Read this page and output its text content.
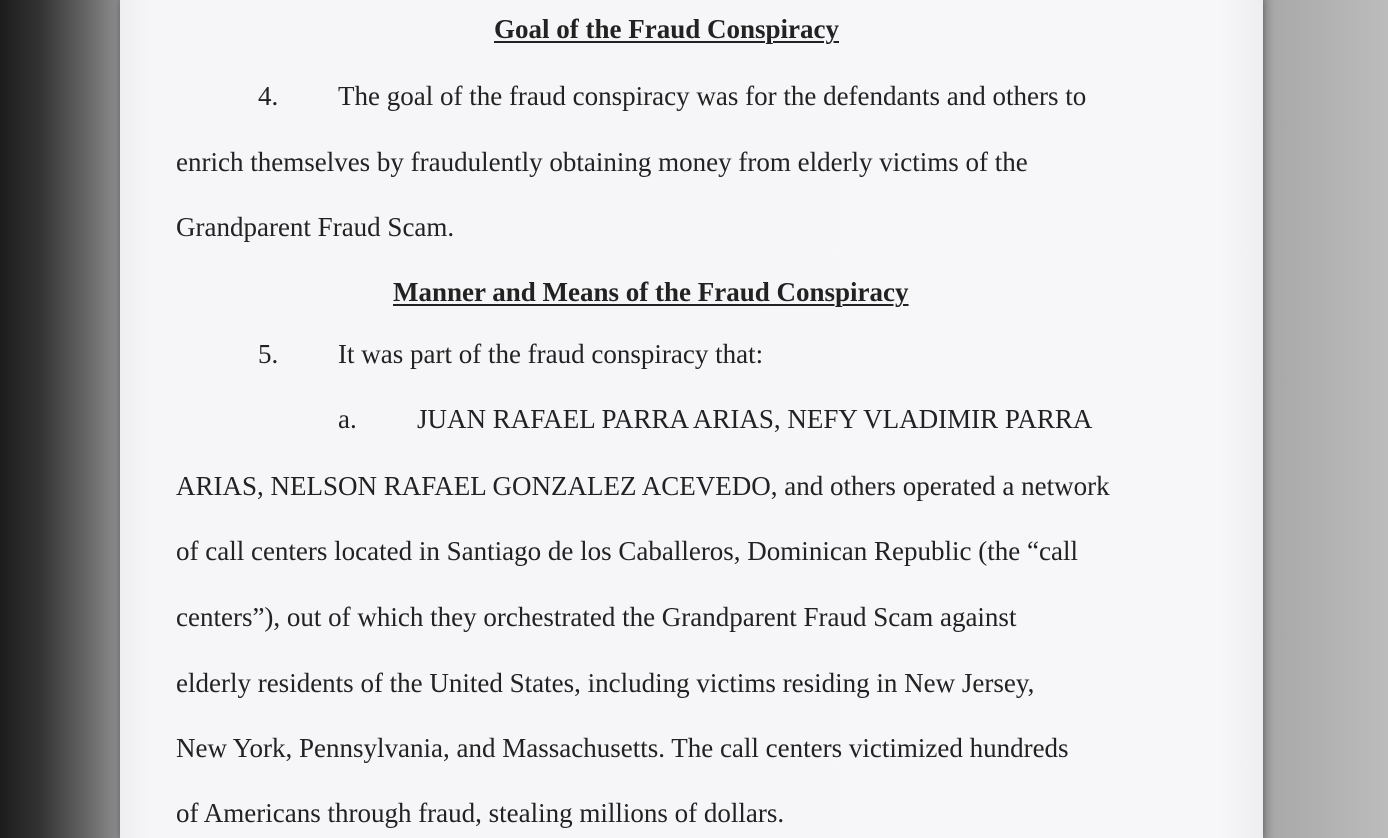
Goal of the Fraud Conspiracy
4. The goal of the fraud conspiracy was for the defendants and others to
enrich themselves by fraudulently obtaining money from elderly victims of the
Grandparent Fraud Scam.
Manner and Means of the Fraud Conspiracy
5. It was part of the fraud conspiracy that:
a. JUAN RAFAEL PARRA ARIAS, NEFY VLADIMIR PARRA
ARIAS, NELSON RAFAEL GONZALEZ ACEVEDO, and others operated a network
of call centers located in Santiago de los Caballeros, Dominican Republic (the “call
centers”), out of which they orchestrated the Grandparent Fraud Scam against
elderly residents of the United States, including victims residing in New Jersey,
New York, Pennsylvania, and Massachusetts. The call centers victimized hundreds
of Americans through fraud, stealing millions of dollars.
